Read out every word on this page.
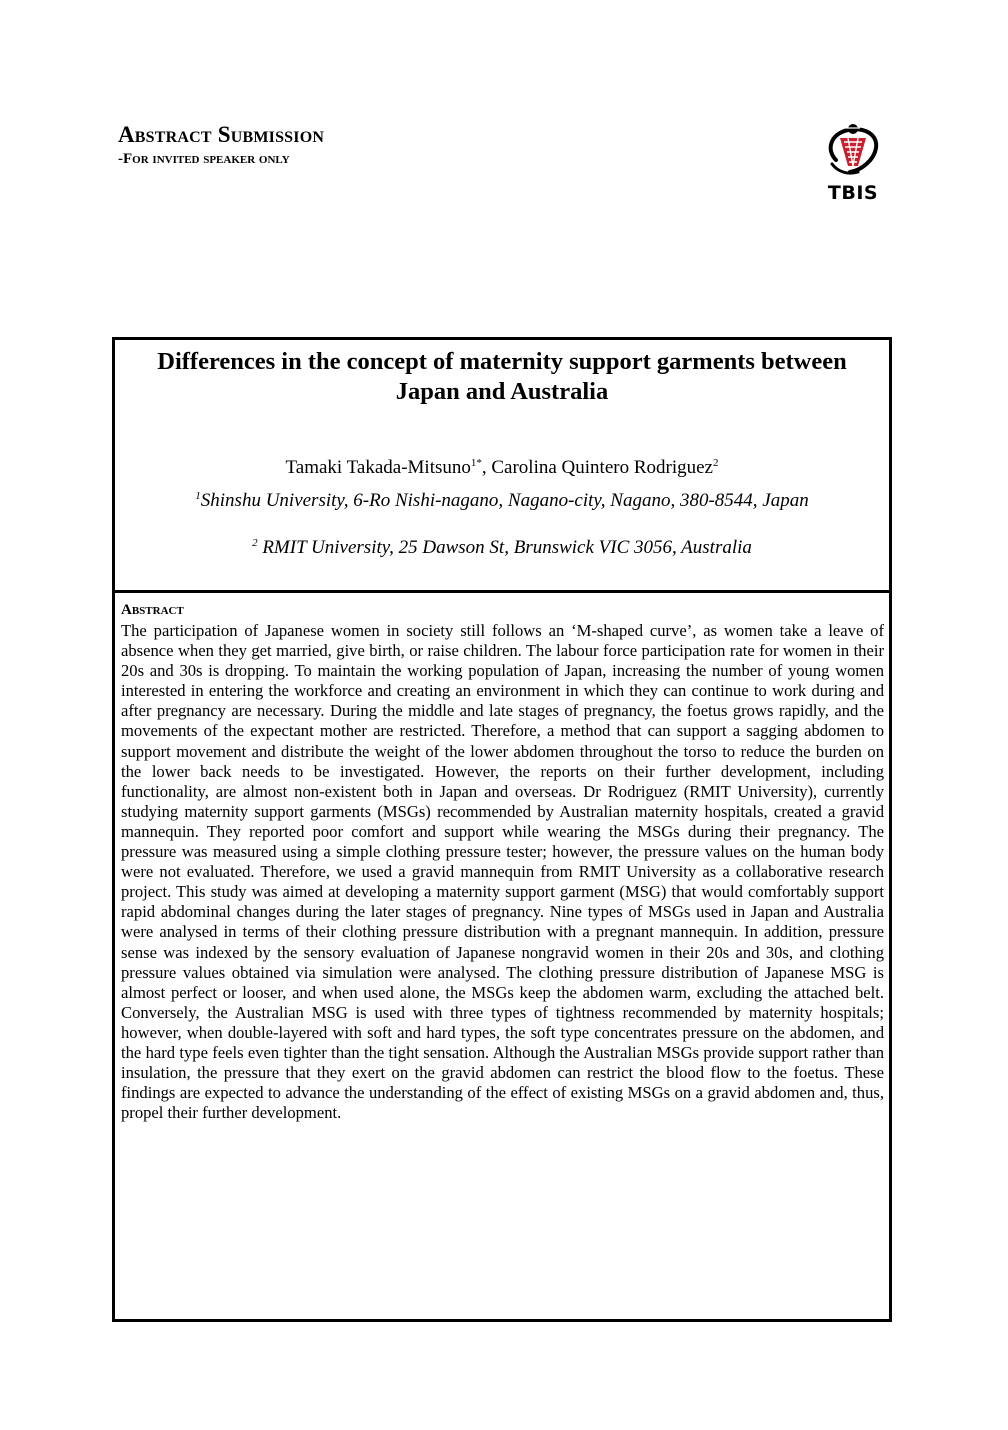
Abstract Submission
-For invited speaker only
TBIS
Differences in the concept of maternity support garments between Japan and Australia
Tamaki Takada-Mitsuno$^{1*}$, Carolina Quintero Rodriguez$^2$
$^1$Shinshu University, 6-Ro Nishi-nagano, Nagano-city, Nagano, 380-8544, Japan
$^2$ RMIT University, 25 Dawson St, Brunswick VIC 3056, Australia
Abstract
The participation of Japanese women in society still follows an ‘M-shaped curve’, as women take a leave of absence when they get married, give birth, or raise children. The labour force participation rate for women in their 20s and 30s is dropping. To maintain the working population of Japan, increasing the number of young women interested in entering the workforce and creating an environment in which they can continue to work during and after pregnancy are necessary. During the middle and late stages of pregnancy, the foetus grows rapidly, and the movements of the expectant mother are restricted. Therefore, a method that can support a sagging abdomen to support movement and distribute the weight of the lower abdomen throughout the torso to reduce the burden on the lower back needs to be investigated. However, the reports on their further development, including functionality, are almost non-existent both in Japan and overseas. Dr Rodriguez (RMIT University), currently studying maternity support garments (MSGs) recommended by Australian maternity hospitals, created a gravid mannequin. They reported poor comfort and support while wearing the MSGs during their pregnancy. The pressure was measured using a simple clothing pressure tester; however, the pressure values on the human body were not evaluated. Therefore, we used a gravid mannequin from RMIT University as a collaborative research project. This study was aimed at developing a maternity support garment (MSG) that would comfortably support rapid abdominal changes during the later stages of pregnancy. Nine types of MSGs used in Japan and Australia were analysed in terms of their clothing pressure distribution with a pregnant mannequin. In addition, pressure sense was indexed by the sensory evaluation of Japanese nongravid women in their 20s and 30s, and clothing pressure values obtained via simulation were analysed. The clothing pressure distribution of Japanese MSG is almost perfect or looser, and when used alone, the MSGs keep the abdomen warm, excluding the attached belt. Conversely, the Australian MSG is used with three types of tightness recommended by maternity hospitals; however, when double-layered with soft and hard types, the soft type concentrates pressure on the abdomen, and the hard type feels even tighter than the tight sensation. Although the Australian MSGs provide support rather than insulation, the pressure that they exert on the gravid abdomen can restrict the blood flow to the foetus. These findings are expected to advance the understanding of the effect of existing MSGs on a gravid abdomen and, thus, propel their further development.
